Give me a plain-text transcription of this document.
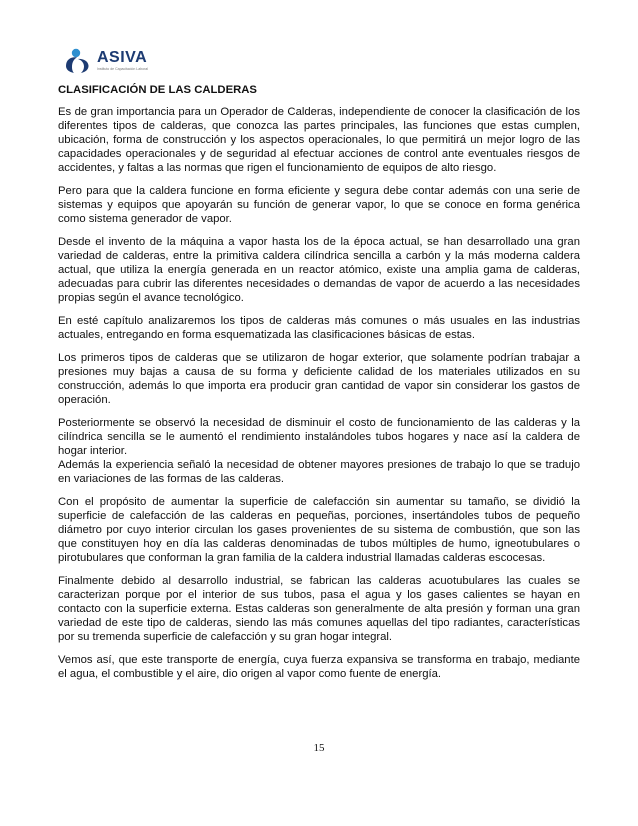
ASIVA
Instituto de Capacitación Laboral
CLASIFICACIÓN DE LAS CALDERAS

Es de gran importancia para un Operador de Calderas, independiente de conocer la clasificación de los diferentes tipos de calderas, que conozca las partes principales, las funciones que estas cumplen, ubicación, forma de construcción y los aspectos operacionales, lo que permitirá un mejor logro de las capacidades operacionales y de seguridad al efectuar acciones de control ante eventuales riesgos de accidentes, y faltas a las normas que rigen el funcionamiento de equipos de alto riesgo.

Pero para que la caldera funcione en forma eficiente y segura debe contar además con una serie de sistemas y equipos que apoyarán su función de generar vapor, lo que se conoce en forma genérica como sistema generador de vapor.

Desde el invento de la máquina a vapor hasta los de la época actual, se han desarrollado una gran variedad de calderas, entre la primitiva caldera cilíndrica sencilla a carbón y la más moderna caldera actual, que utiliza la energía generada en un reactor atómico, existe una amplia gama de calderas, adecuadas para cubrir las diferentes necesidades o demandas de vapor de acuerdo a las necesidades propias según el avance tecnológico.

En esté capítulo analizaremos los tipos de calderas más comunes o más usuales en las industrias actuales, entregando en forma esquematizada las clasificaciones básicas de estas.

Los primeros tipos de calderas que se utilizaron de hogar exterior, que solamente podrían trabajar a presiones muy bajas a causa de su forma y deficiente calidad de los materiales utilizados en su construcción, además lo que importa era producir gran cantidad de vapor sin considerar los gastos de operación.

Posteriormente se observó la necesidad de disminuir el costo de funcionamiento de las calderas y la cilíndrica sencilla se le aumentó el rendimiento instalándoles tubos hogares y nace así la caldera de hogar interior.

Además la experiencia señaló la necesidad de obtener mayores presiones de trabajo lo que se tradujo en variaciones de las formas de las calderas.

Con el propósito de aumentar la superficie de calefacción sin aumentar su tamaño, se dividió la superficie de calefacción de las calderas en pequeñas, porciones, insertándoles tubos de pequeño diámetro por cuyo interior circulan los gases provenientes de su sistema de combustión, que son las que constituyen hoy en día las calderas denominadas de tubos múltiples de humo, igneotubulares o pirotubulares que conforman la gran familia de la caldera industrial llamadas calderas escocesas.

Finalmente debido al desarrollo industrial, se fabrican las calderas acuotubulares las cuales se caracterizan porque por el interior de sus tubos, pasa el agua y los gases calientes se hayan en contacto con la superficie externa. Estas calderas son generalmente de alta presión y forman una gran variedad de este tipo de calderas, siendo las más comunes aquellas del tipo radiantes, características por su tremenda superficie de calefacción y su gran hogar integral.

Vemos así, que este transporte de energía, cuya fuerza expansiva se transforma en trabajo, mediante el agua, el combustible y el aire, dio origen al vapor como fuente de energía.

15
